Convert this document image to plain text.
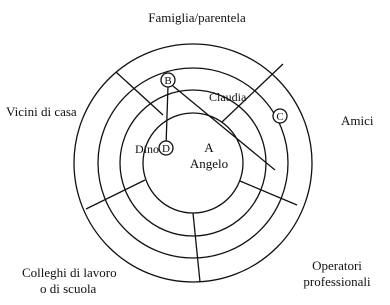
B
C
D
Claudia
Dino	A
Angelo
Famiglia/parentela
Vicini di casa
Amici
Colleghi di lavoro
o di scuola
Operatori
professionali
